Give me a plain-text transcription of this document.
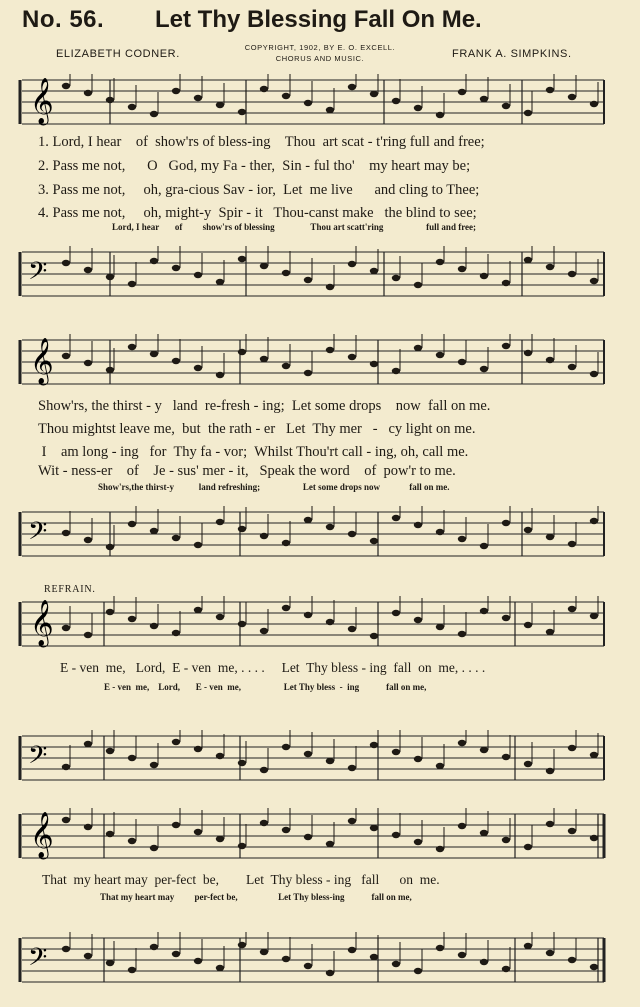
No. 56. Let Thy Blessing Fall On Me.
ELIZABETH CODNER.
COPYRIGHT, 1902, BY E. O. EXCELL.
CHORUS AND MUSIC.	FRANK A. SIMPKINS.
𝄞
1. Lord, I hear    of  show'rs of bless-ing    Thou  art scat - t'ring full and free;
2. Pass me not,      O   God, my Fa - ther,  Sin - ful tho'    my heart may be;
3. Pass me not,     oh, gra-cious Sav - ior,  Let  me live      and cling to Thee;
4. Pass me not,     oh, might-y  Spir - it   Thou-canst make   the blind to see;
Lord, I hear       of         show'rs of blessing                Thou art scatt'ring                   full and free;
𝄢
𝄞
Show'rs, the thirst - y   land  re-fresh - ing;  Let some drops    now  fall on me.
Thou mightst leave me,  but  the rath - er   Let  Thy mer   -   cy light on me.
I    am long - ing   for  Thy fa - vor;  Whilst Thou'rt call - ing, oh, call me.
Wit - ness-er    of    Je - sus' mer - it,   Speak the word    of  pow'r to me.
Show'rs,the thirst-y           land refreshing;                   Let some drops now             fall on me.
𝄢
REFRAIN.
𝄞
E - ven  me,   Lord,  E - ven  me, . . . .     Let  Thy bless - ing  fall  on  me, . . . .
E - ven  me,    Lord,       E - ven  me,                   Let Thy bless  -  ing            fall on me,
𝄢
𝄞
That  my heart may  per-fect  be,        Let  Thy bless - ing   fall      on  me.
That my heart may         per-fect be,                  Let Thy bless-ing            fall on me,
𝄢
